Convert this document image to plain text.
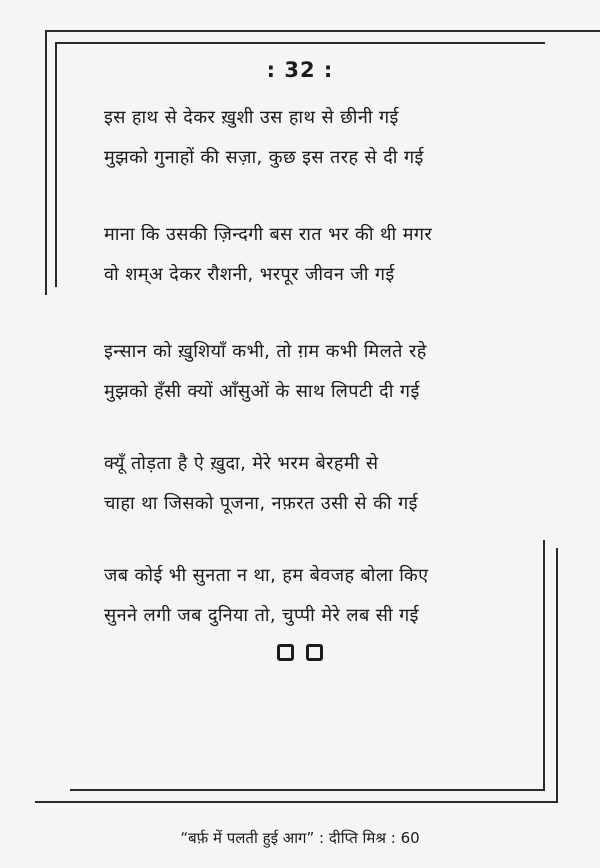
: 32 :
इस हाथ से देकर ख़ुशी उस हाथ से छीनी गई
मुझको गुनाहों की सज़ा, कुछ इस तरह से दी गई
माना कि उसकी ज़िन्दगी बस रात भर की थी मगर
वो शम्अ देकर रौशनी, भरपूर जीवन जी गई
इन्सान को ख़ुशियाँ कभी, तो ग़म कभी मिलते रहे
मुझको हँसी क्यों आँसुओं के साथ लिपटी दी गई
क्यूँ तोड़ता है ऐ ख़ुदा, मेरे भरम बेरहमी से
चाहा था जिसको पूजना, नफ़रत उसी से की गई
जब कोई भी सुनता न था, हम बेवजह बोला किए
सुनने लगी जब दुनिया तो, चुप्पी मेरे लब सी गई
“बर्फ़ में पलती हुई आग” : दीप्ति मिश्र : 60
